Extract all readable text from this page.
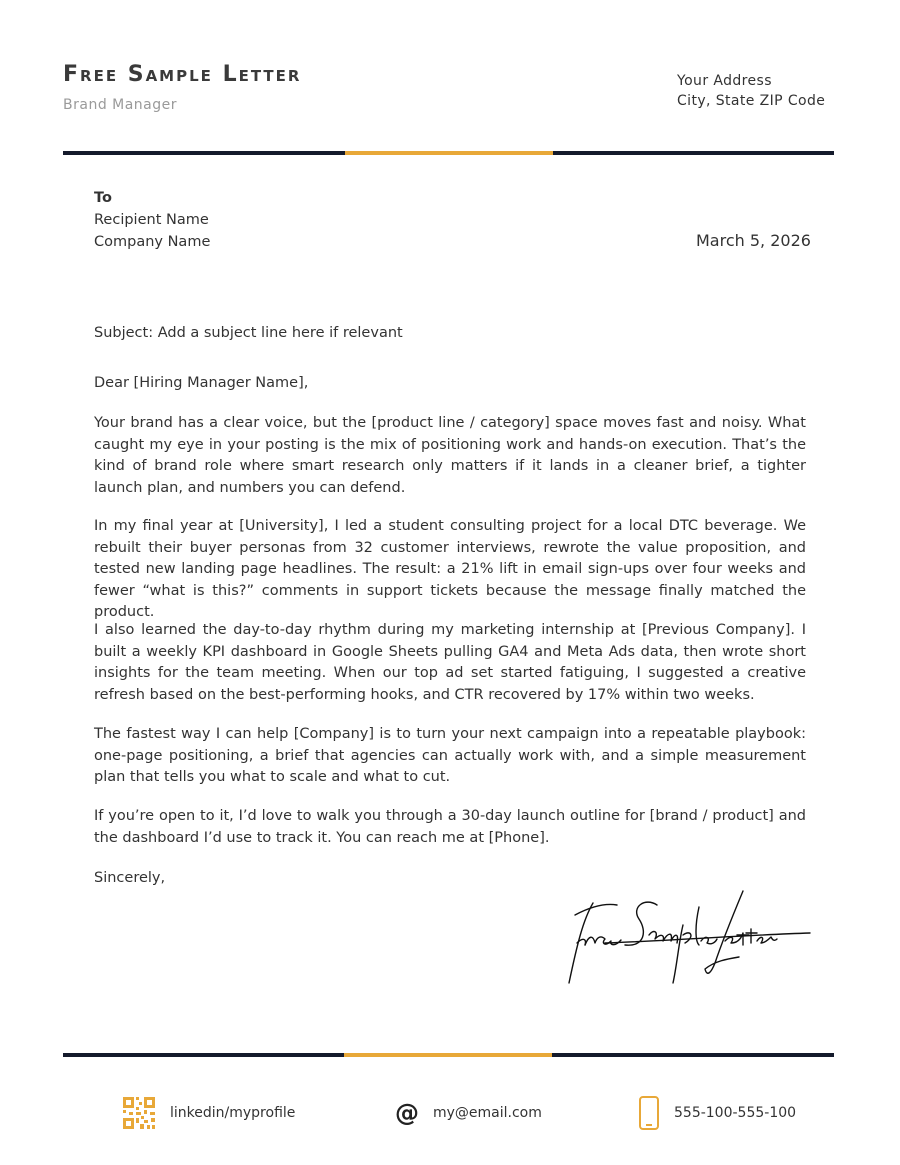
Free Sample Letter
Brand Manager
Your Address
City, State ZIP Code
To
Recipient Name
Company Name	March 5, 2026
Subject: Add a subject line here if relevant
Dear [Hiring Manager Name],

Your brand has a clear voice, but the [product line / category] space moves fast and noisy. What caught my eye in your posting is the mix of positioning work and hands-on execution. That’s the kind of brand role where smart research only matters if it lands in a cleaner brief, a tighter launch plan, and numbers you can defend.

In my final year at [University], I led a student consulting project for a local DTC beverage. We rebuilt their buyer personas from 32 customer interviews, rewrote the value proposition, and tested new landing page headlines. The result: a 21% lift in email sign-ups over four weeks and fewer “what is this?” comments in support tickets because the message finally matched the product.

I also learned the day-to-day rhythm during my marketing internship at [Previous Company]. I built a weekly KPI dashboard in Google Sheets pulling GA4 and Meta Ads data, then wrote short insights for the team meeting. When our top ad set started fatiguing, I suggested a creative refresh based on the best-performing hooks, and CTR recovered by 17% within two weeks.

The fastest way I can help [Company] is to turn your next campaign into a repeatable playbook: one-page positioning, a brief that agencies can actually work with, and a simple measurement plan that tells you what to scale and what to cut.

If you’re open to it, I’d love to walk you through a 30-day launch outline for [brand / product] and the dashboard I’d use to track it. You can reach me at [Phone].

Sincerely,
linkedin/myprofile	@ my@email.com	555-100-555-100
